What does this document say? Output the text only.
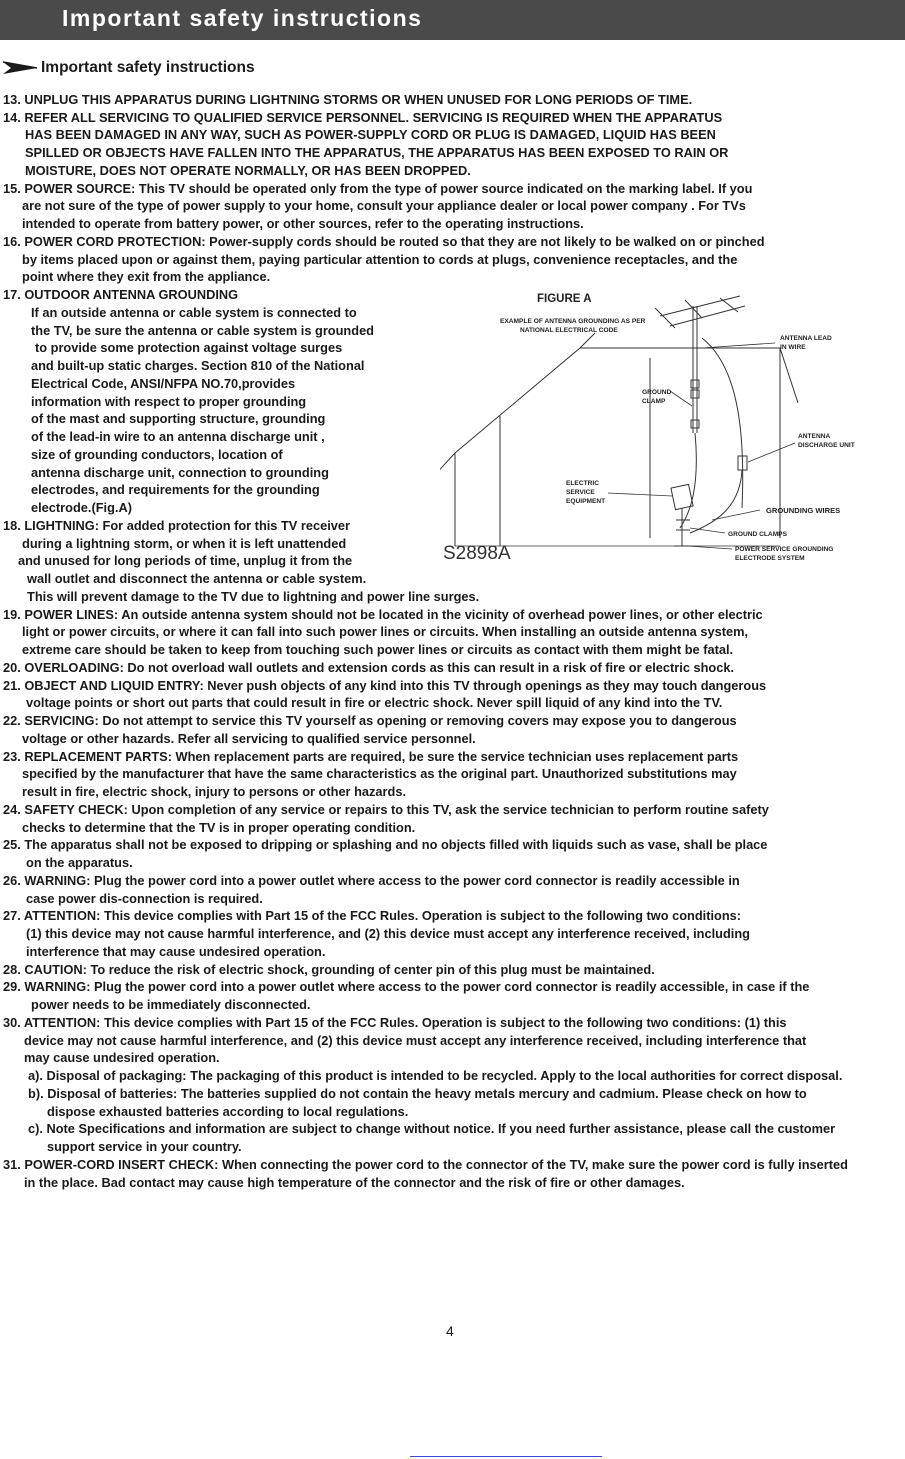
Important safety instructions
Important safety instructions
13. UNPLUG THIS APPARATUS DURING LIGHTNING STORMS OR WHEN UNUSED FOR LONG PERIODS OF TIME.
14. REFER ALL SERVICING TO QUALIFIED SERVICE PERSONNEL. SERVICING IS REQUIRED WHEN THE APPARATUS
HAS BEEN DAMAGED IN ANY WAY, SUCH AS POWER-SUPPLY CORD OR PLUG IS DAMAGED, LIQUID HAS BEEN
SPILLED OR OBJECTS HAVE FALLEN INTO THE APPARATUS, THE APPARATUS HAS BEEN EXPOSED TO RAIN OR
MOISTURE, DOES NOT OPERATE NORMALLY, OR HAS BEEN DROPPED.
15. POWER SOURCE: This TV should be operated only from the type of power source indicated on the marking label. If you
are not sure of the type of power supply to your home, consult your appliance dealer or local power company . For TVs
intended to operate from battery power, or other sources, refer to the operating instructions.
16. POWER CORD PROTECTION: Power-supply cords should be routed so that they are not likely to be walked on or pinched
by items placed upon or against them, paying particular attention to cords at plugs, convenience receptacles, and the
point where they exit from the appliance.
17. OUTDOOR ANTENNA GROUNDING
If an outside antenna or cable system is connected to
the TV, be sure the antenna or cable system is grounded
to provide some protection against voltage surges
and built-up static charges. Section 810 of the National
Electrical Code, ANSI/NFPA NO.70,provides
information with respect to proper grounding
of the mast and supporting structure, grounding
of the lead-in wire to an antenna discharge unit ,
size of grounding conductors, location of
antenna discharge unit, connection to grounding
electrodes, and requirements for the grounding
electrode.(Fig.A)
18. LIGHTNING: For added protection for this TV receiver
during a lightning storm, or when it is left unattended
and unused for long periods of time, unplug it from the
wall outlet and disconnect the antenna or cable system.
This will prevent damage to the TV due to lightning and power line surges.
19. POWER LINES: An outside antenna system should not be located in the vicinity of overhead power lines, or other electric
light or power circuits, or where it can fall into such power lines or circuits. When installing an outside antenna system,
extreme care should be taken to keep from touching such power lines or circuits as contact with them might be fatal.
20. OVERLOADING: Do not overload wall outlets and extension cords as this can result in a risk of fire or electric shock.
21. OBJECT AND LIQUID ENTRY: Never push objects of any kind into this TV through openings as they may touch dangerous
voltage points or short out parts that could result in fire or electric shock. Never spill liquid of any kind into the TV.
22. SERVICING: Do not attempt to service this TV yourself as opening or removing covers may expose you to dangerous
voltage or other hazards. Refer all servicing to qualified service personnel.
23. REPLACEMENT PARTS: When replacement parts are required, be sure the service technician uses replacement parts
specified by the manufacturer that have the same characteristics as the original part. Unauthorized substitutions may
result in fire, electric shock, injury to persons or other hazards.
24. SAFETY CHECK: Upon completion of any service or repairs to this TV, ask the service technician to perform routine safety
checks to determine that the TV is in proper operating condition.
25. The apparatus shall not be exposed to dripping or splashing and no objects filled with liquids such as vase, shall be place
on the apparatus.
26. WARNING: Plug the power cord into a power outlet where access to the power cord connector is readily accessible in
case power dis-connection is required.
27. ATTENTION: This device complies with Part 15 of the FCC Rules. Operation is subject to the following two conditions:
(1) this device may not cause harmful interference, and (2) this device must accept any interference received, including
interference that may cause undesired operation.
28. CAUTION: To reduce the risk of electric shock, grounding of center pin of this plug must be maintained.
29. WARNING: Plug the power cord into a power outlet where access to the power cord connector is readily accessible, in case if the
power needs to be immediately disconnected.
30. ATTENTION: This device complies with Part 15 of the FCC Rules. Operation is subject to the following two conditions: (1) this
device may not cause harmful interference, and (2) this device must accept any interference received, including interference that
may cause undesired operation.
a). Disposal of packaging: The packaging of this product is intended to be recycled. Apply to the local authorities for correct disposal.
b). Disposal of batteries: The batteries supplied do not contain the heavy metals mercury and cadmium. Please check on how to
dispose exhausted batteries according to local regulations.
c). Note Specifications and information are subject to change without notice. If you need further assistance, please call the customer
support service in your country.
31. POWER-CORD INSERT CHECK: When connecting the power cord to the connector of the TV, make sure the power cord is fully inserted
in the place. Bad contact may cause high temperature of the connector and the risk of fire or other damages.
FIGURE A
EXAMPLE OF ANTENNA GROUNDING AS PER
NATIONAL ELECTRICAL CODE
ANTENNA LEAD
IN WIRE
GROUND
CLAMP
ANTENNA
DISCHARGE UNIT
ELECTRIC
SERVICE
EQUIPMENT
GROUNDING WIRES
GROUND CLAMPS
POWER SERVICE GROUNDING
ELECTRODE SYSTEM
S2898A
4
